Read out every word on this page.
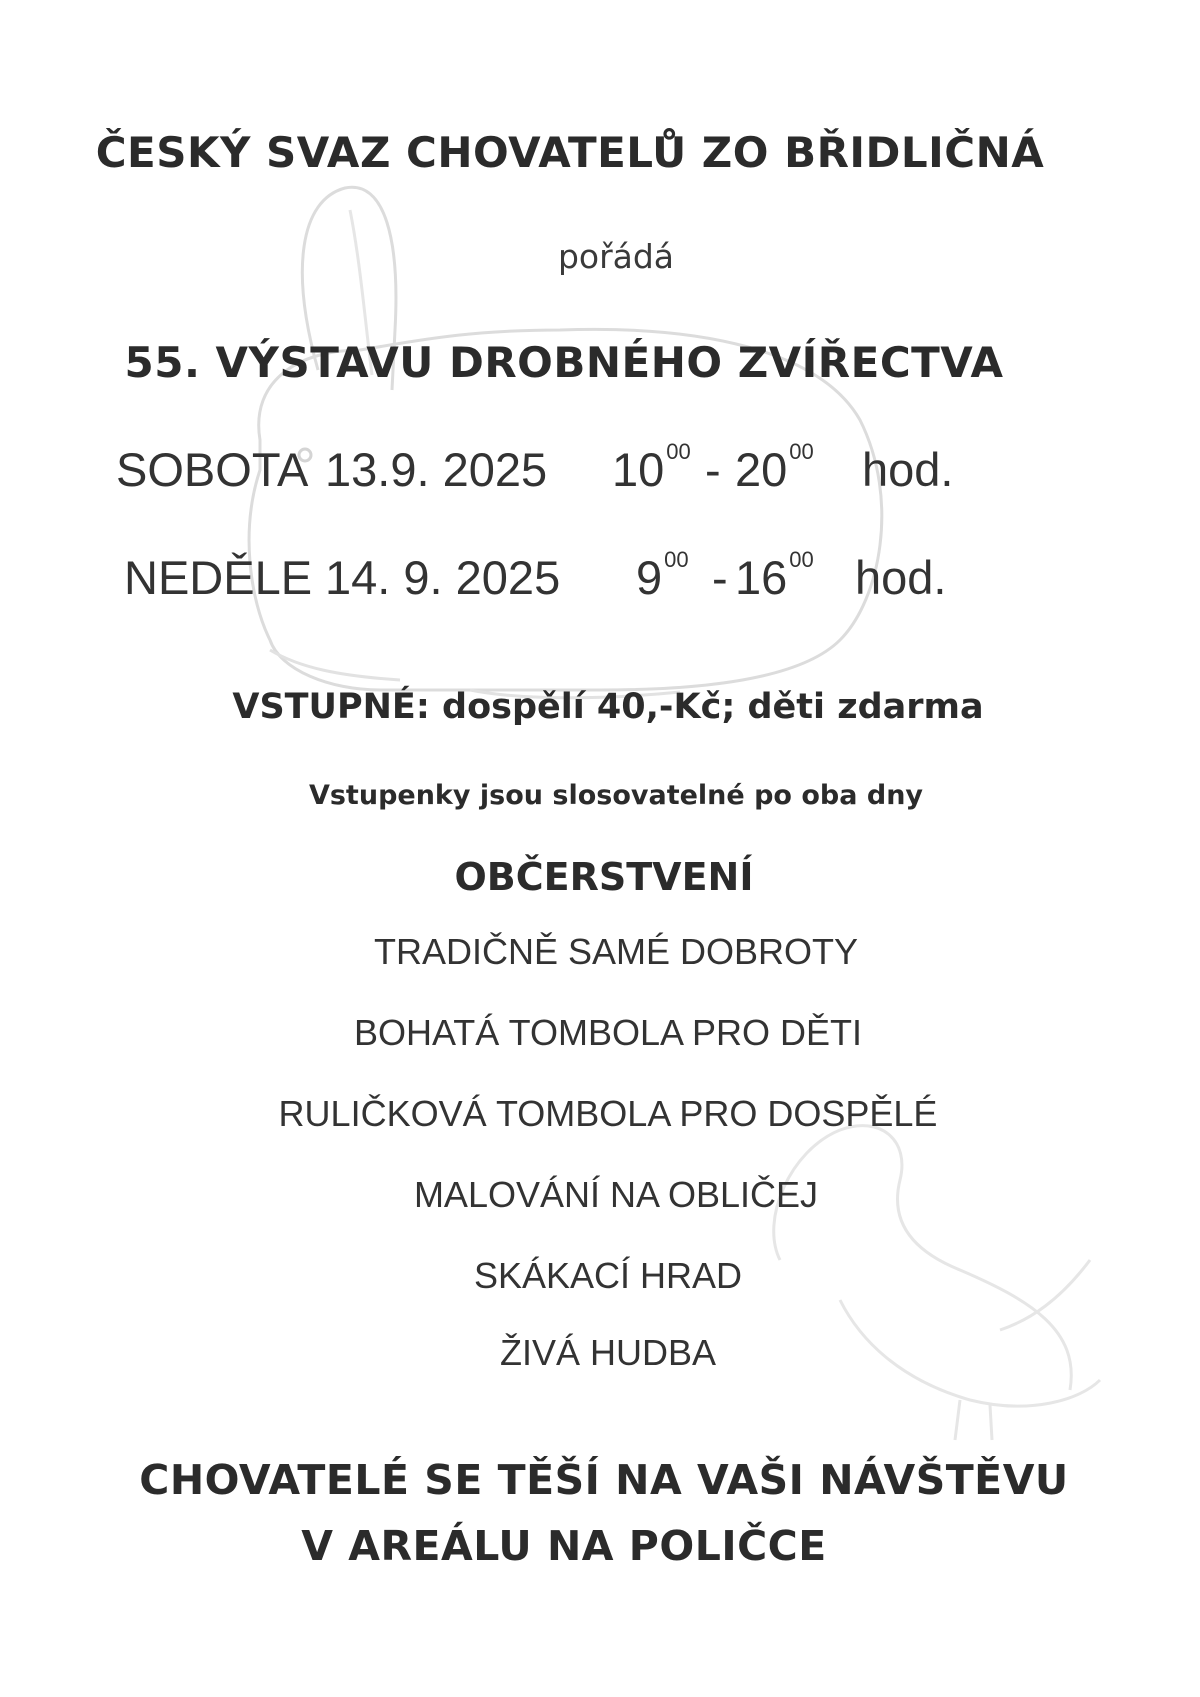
ČESKÝ SVAZ CHOVATELŮ ZO BŘIDLIČNÁ
pořádá
55. VÝSTAVU DROBNÉHO ZVÍŘECTVA
SOBOTA 13.9. 2025 $10^{00} - 20^{00}$ hod.
NEDĚLE 14. 9. 2025 $9^{00} - 16^{00}$ hod.
VSTUPNÉ: dospělí 40,-Kč; děti zdarma
Vstupenky jsou slosovatelné po oba dny
OBČERSTVENÍ
TRADIČNĚ SAMÉ DOBROTY
BOHATÁ TOMBOLA PRO DĚTI
RULIČKOVÁ TOMBOLA PRO DOSPĚLÉ
MALOVÁNÍ NA OBLIČEJ
SKÁKACÍ HRAD
ŽIVÁ HUDBA
CHOVATELÉ SE TĚŠÍ NA VAŠI NÁVŠTĚVU
V AREÁLU NA POLIČCE
